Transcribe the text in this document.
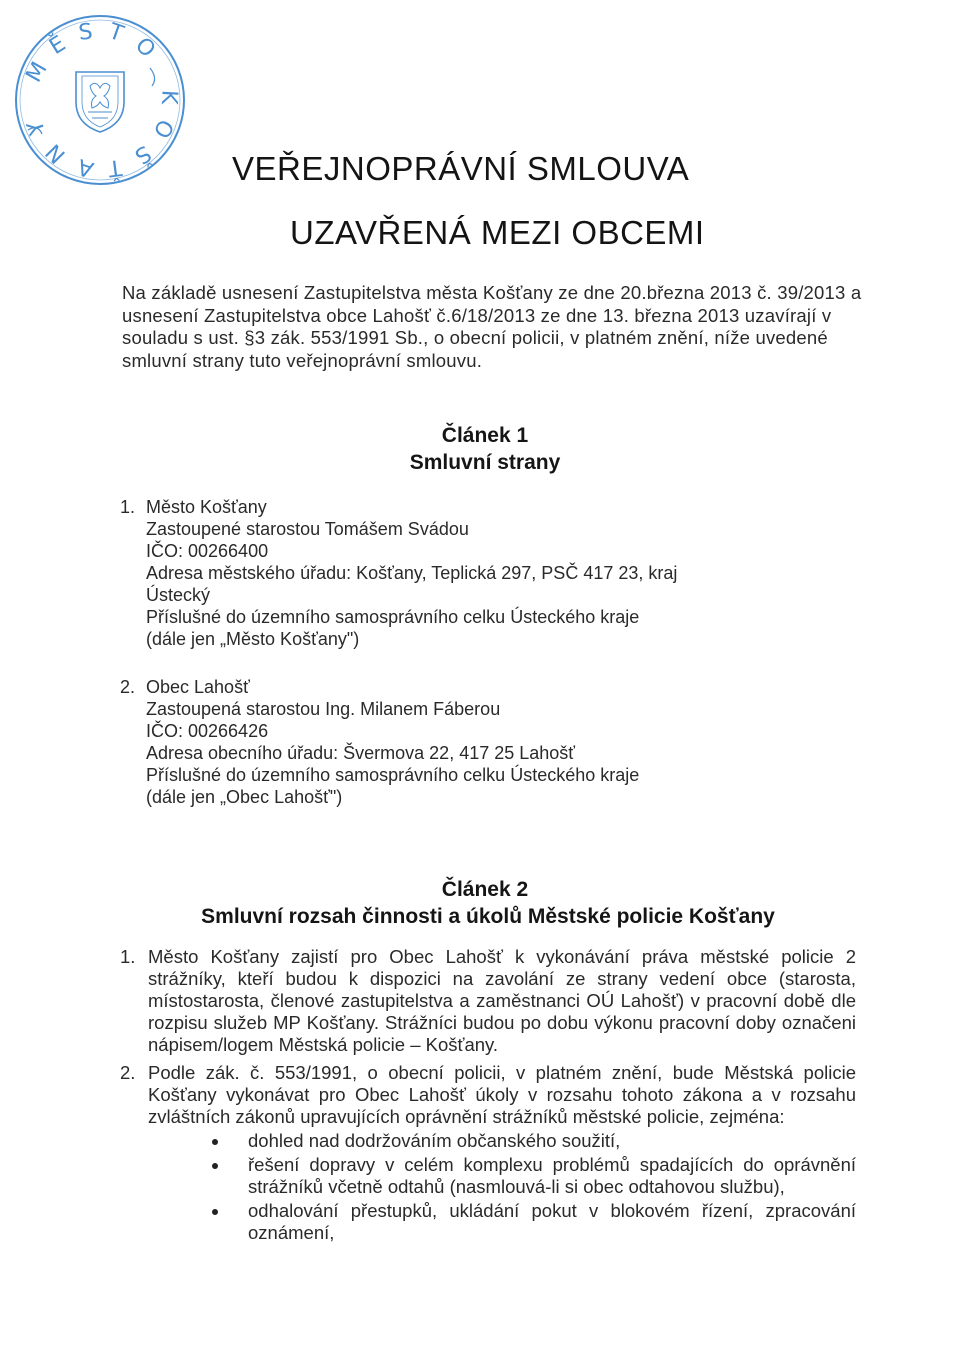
MĚSTO KOŠŤANY
VEŘEJNOPRÁVNÍ SMLOUVA
UZAVŘENÁ MEZI OBCEMI
Na základě usnesení Zastupitelstva města Košťany ze dne 20.března 2013 č. 39/2013 a usnesení Zastupitelstva obce Lahošť č.6/18/2013 ze dne 13. března 2013 uzavírají v souladu s ust. §3 zák. 553/1991 Sb., o obecní policii, v platném znění, níže uvedené smluvní strany tuto veřejnoprávní smlouvu.
Článek 1
Smluvní strany
1. Město Košťany
Zastoupené starostou Tomášem Svádou
IČO: 00266400
Adresa městského úřadu: Košťany, Teplická 297, PSČ 417 23, kraj
Ústecký
Příslušné do územního samosprávního celku Ústeckého kraje
(dále jen „Město Košťany")
2. Obec Lahošť
Zastoupená starostou Ing. Milanem Fáberou
IČO: 00266426
Adresa obecního úřadu: Švermova 22, 417 25 Lahošť
Příslušné do územního samosprávního celku Ústeckého kraje
(dále jen „Obec Lahošť")
Článek 2
Smluvní rozsah činnosti a úkolů Městské policie Košťany
1. Město Košťany zajistí pro Obec Lahošť k vykonávání práva městské policie 2 strážníky, kteří budou k dispozici na zavolání ze strany vedení obce (starosta, místostarosta, členové zastupitelstva a zaměstnanci OÚ Lahošť) v pracovní době dle rozpisu služeb MP Košťany. Strážníci budou po dobu výkonu pracovní doby označeni nápisem/logem Městská policie – Košťany.
2. Podle zák. č. 553/1991, o obecní policii, v platném znění, bude Městská policie Košťany vykonávat pro Obec Lahošť úkoly v rozsahu tohoto zákona a v rozsahu zvláštních zákonů upravujících oprávnění strážníků městské policie, zejména:
dohled nad dodržováním občanského soužití,
řešení dopravy v celém komplexu problémů spadajících do oprávnění strážníků včetně odtahů (nasmlouvá-li si obec odtahovou službu),
odhalování přestupků, ukládání pokut v blokovém řízení, zpracování oznámení,
